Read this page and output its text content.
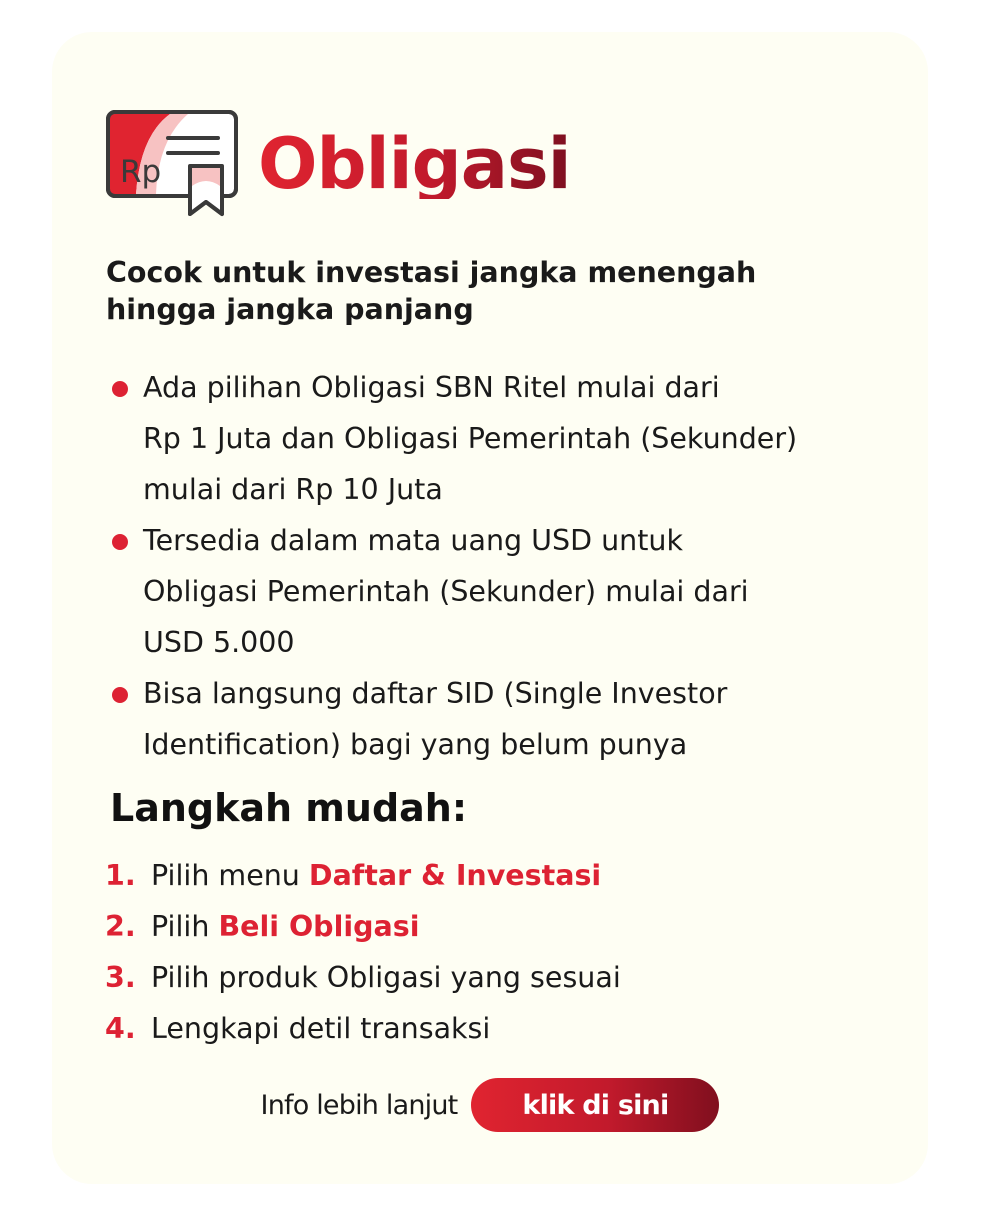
Rp Obligasi
Cocok untuk investasi jangka menengah
hingga jangka panjang
Ada pilihan Obligasi SBN Ritel mulai dari
Rp 1 Juta dan Obligasi Pemerintah (Sekunder)
mulai dari Rp 10 Juta
Tersedia dalam mata uang USD untuk
Obligasi Pemerintah (Sekunder) mulai dari
USD 5.000
Bisa langsung daftar SID (Single Investor
Identification) bagi yang belum punya
Langkah mudah:
1. Pilih menu Daftar & Investasi
2. Pilih Beli Obligasi
3. Pilih produk Obligasi yang sesuai
4. Lengkapi detil transaksi
Info lebih lanjut	klik di sini
